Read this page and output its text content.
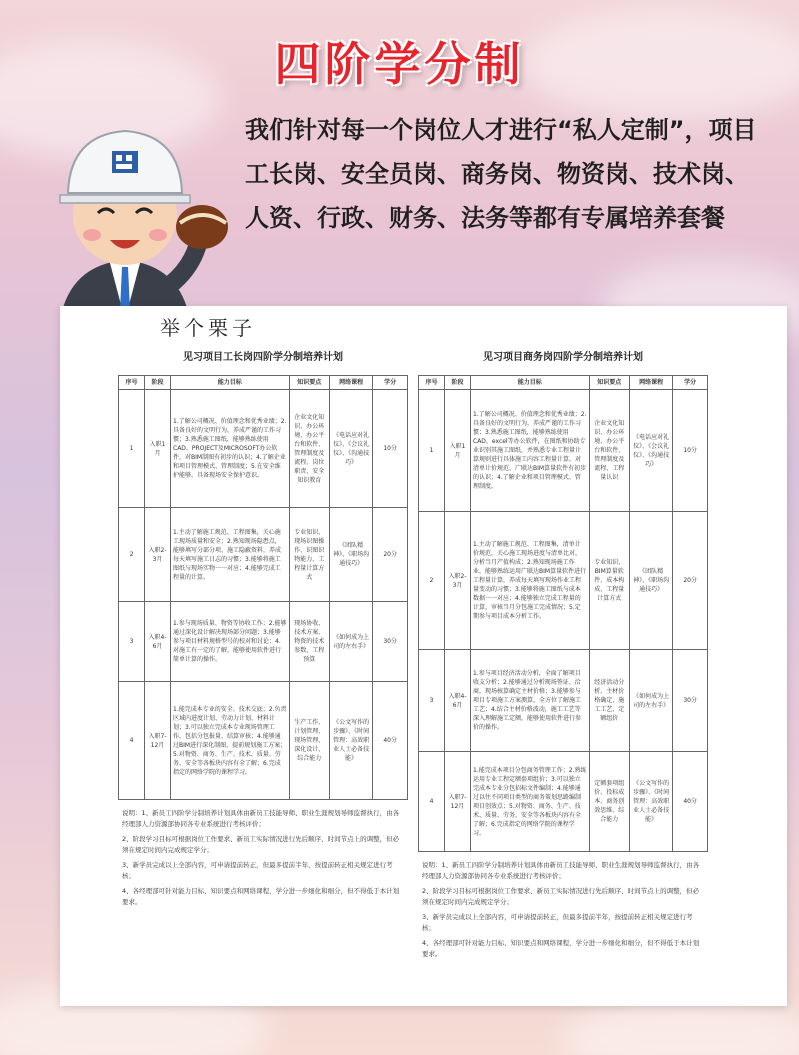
四阶学分制

我们针对每一个岗位人才进行“私人定制”，项目工长岗、安全员岗、商务岗、物资岗、技术岗、人资、行政、财务、法务等都有专属培养套餐

举个栗子
见习项目工长岗四阶学分制培养计划
序号	阶段	能力目标	知识要点	网络课程	学分
1	入职1月	1.了解公司概况、价值理念和优秀业绩；2.具备良好的文明行为，养成严谨的工作习惯；3.熟悉施工图纸，能够熟练使用CAD、PROJECT及MICROSOFT办公软件，对BIM制图有初步的认识；4.了解企业和项目管理模式、管理制度；5.在安全维护能够，具备现场安全保护意识。	企业文化知识、办公环境、办公平台和软件、管理制度及流程、岗位职责、安全知识教育	《电话应对礼仪》、《会议礼仪》、《沟通技巧》	10分
2	入职2-3月	1.主动了解施工规范、工程图集，关心施工现场质量和安全；2.熟知现场隐患点，能够填写分部分项、施工隐蔽资料，养成每天填写施工日志的习惯；3.能够将施工图纸与现场实物一一对应；4.能够完成工程量的计算。	专业知识、现场识图操作、识图识物能力、工程量计算方式	《团队精神》、《职场沟通技巧》	20分
3	入职4-6月	1.参与现场质量、物资等协收工作；2.能够通过深化设计解决现场部分问题；3.能够参与项目材料规格型号的校对和讨论；4.对施工有一定的了解，能够使用软件进行简单计算的操作。	现场协收、技术方案、物资的技术参数、工程预算	《如何成为上司的左右手》	30分
4	入职7-12月	1.能完成本专业的安全、技术交底；2.负责区域内进度计划、劳动力计划、材料计划；3.可以独立完成本专业现场管理工作，包括分包报量、结算审核；4.能够通过BIM进行深化制图，提前规划施工方案；5.对物资、商务、生产、技术、质量、劳务、安全等各板块内容有全了解；6.完成指定的网络学院的课程学习。	生产工作、计划管理、现场管理、深化设计、综合能力	《公文写作的步骤》、《时间管理：高效职业人士必备技能》	40分

说明：1、新员工四阶学分制培养计划具体由新员工技能导师、职业生涯规划导师监督执行，由各经理部人力资源部协同各专业系统进行考核评价；

2、阶段学习目标可根据岗位工作要求、新员工实际情况进行先后顺序、时间节点上的调整，但必须在规定时间内完成规定学分；

3、新学员完成以上全部内容，可申请提前转正，但最多提前半年，按提前转正相关规定进行考核；

4、各经理部可针对能力目标、知识要点和网络课程，学分进一步细化和细分，但不得低于本计划要求。

见习项目商务岗四阶学分制培养计划
序号	阶段	能力目标	知识要点	网络课程	学分
1	入职1月	1.了解公司概况、价值理念和优秀业绩；2.具备良好的文明行为，养成严谨的工作习惯；3.熟悉施工图纸，能够熟练使用CAD、excel等办公软件，在图纸和协助专业识别其施工图纸，并熟悉专业工程量计算规则进行具体施工内容工程量计算，对清单计价规范、广联达BIM算量软件有初步的认识；4.了解企业和项目管理模式、管理制度。	企业文化知识、办公环境、办公平台和软件、管理制度及流程、工程量认识	《电话应对礼仪》、《会议礼仪》、《沟通技巧》	10分
2	入职2-3月	1.主动了解施工规范、工程图集，清单计价规范，关心施工现场进度与清单比对，分析当月产值构成；2.熟知现场施工作业，能够熟练运用广联达BIM算量软件进行工程量计算，养成每天填写现场作业工程量变动的习惯；3.能够将施工图纸与成本数据一一对应；4.能够独立完成工程量的计算，审核当月分包施工完成情况；5.定期参与项目成本分析工作。	专业知识、BIM算量软件、成本构成、工程量计算方式	《团队精神》、《职场沟通技巧》	20分
3	入职4-6月	1.参与项目经济活动分析，全面了解项目收支分析；2.能够通过分析现场签证、洽商，现场核算确定主材价格；3.能够参与项目专项施工方案测算，全方位了解施工工艺；4.结合主材价格波动，施工工艺等深入理解施工定额，能够使用软件进行参价的操作。	经济活动分析、主材价格确定、施工工艺、定额组价	《如何成为上司的左右手》	30分
4	入职7-12月	1.能完成本项目分包商务管理工作；2.熟练运用专业工程定额套项组价；3.可以独立完成本专业分包招标文件编制；4.能够通过以往不同项目类型的商务策划思路编制项目创效点；5.对物资、商务、生产、技术、质量、劳务、安全等各板块内容有全了解；6.完成指定的网络学院的课程学习。	定额套项组价、投标成本、商务创效思维、综合能力	《公文写作的步骤》、《时间管理：高效职业人士必备技能》	40分

说明：1、新员工四阶学分制培养计划具体由新员工技能导师、职业生涯规划导师监督执行，由各经理部人力资源部协同各专业系统进行考核评价；

2、阶段学习目标可根据岗位工作要求、新员工实际情况进行先后顺序、时间节点上的调整，但必须在规定时间内完成规定学分；

3、新学员完成以上全部内容，可申请提前转正，但最多提前半年，按提前转正相关规定进行考核；

4、各经理部可针对能力目标、知识要点和网络课程，学分进一步细化和细分，但不得低于本计划要求。
